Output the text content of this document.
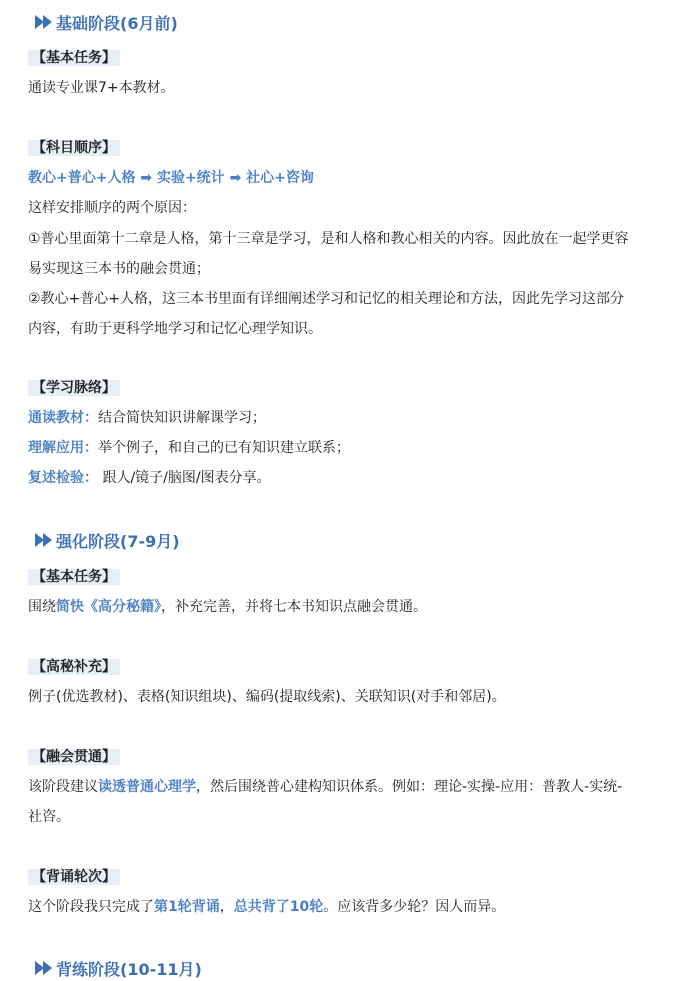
基础阶段(6月前)
【基本任务】
通读专业课7+本教材。
【科目顺序】
教心+普心+人格 ➡ 实验+统计 ➡ 社心+咨询
这样安排顺序的两个原因：
①普心里面第十二章是人格，第十三章是学习，是和人格和教心相关的内容。因此放在一起学更容
易实现这三本书的融会贯通；
②教心+普心+人格，这三本书里面有详细阐述学习和记忆的相关理论和方法，因此先学习这部分
内容，有助于更科学地学习和记忆心理学知识。
【学习脉络】
通读教材：结合简快知识讲解课学习；
理解应用：举个例子，和自己的已有知识建立联系；
复述检验： 跟人/镜子/脑图/图表分享。
强化阶段(7-9月)
【基本任务】
围绕简快《高分秘籍》，补充完善，并将七本书知识点融会贯通。
【高秘补充】
例子(优选教材)、表格(知识组块)、编码(提取线索)、关联知识(对手和邻居)。
【融会贯通】
该阶段建议读透普通心理学，然后围绕普心建构知识体系。例如：理论-实操-应用：普教人-实统-
社咨。
【背诵轮次】
这个阶段我只完成了第1轮背诵，总共背了10轮。应该背多少轮？因人而异。
背练阶段(10-11月)
